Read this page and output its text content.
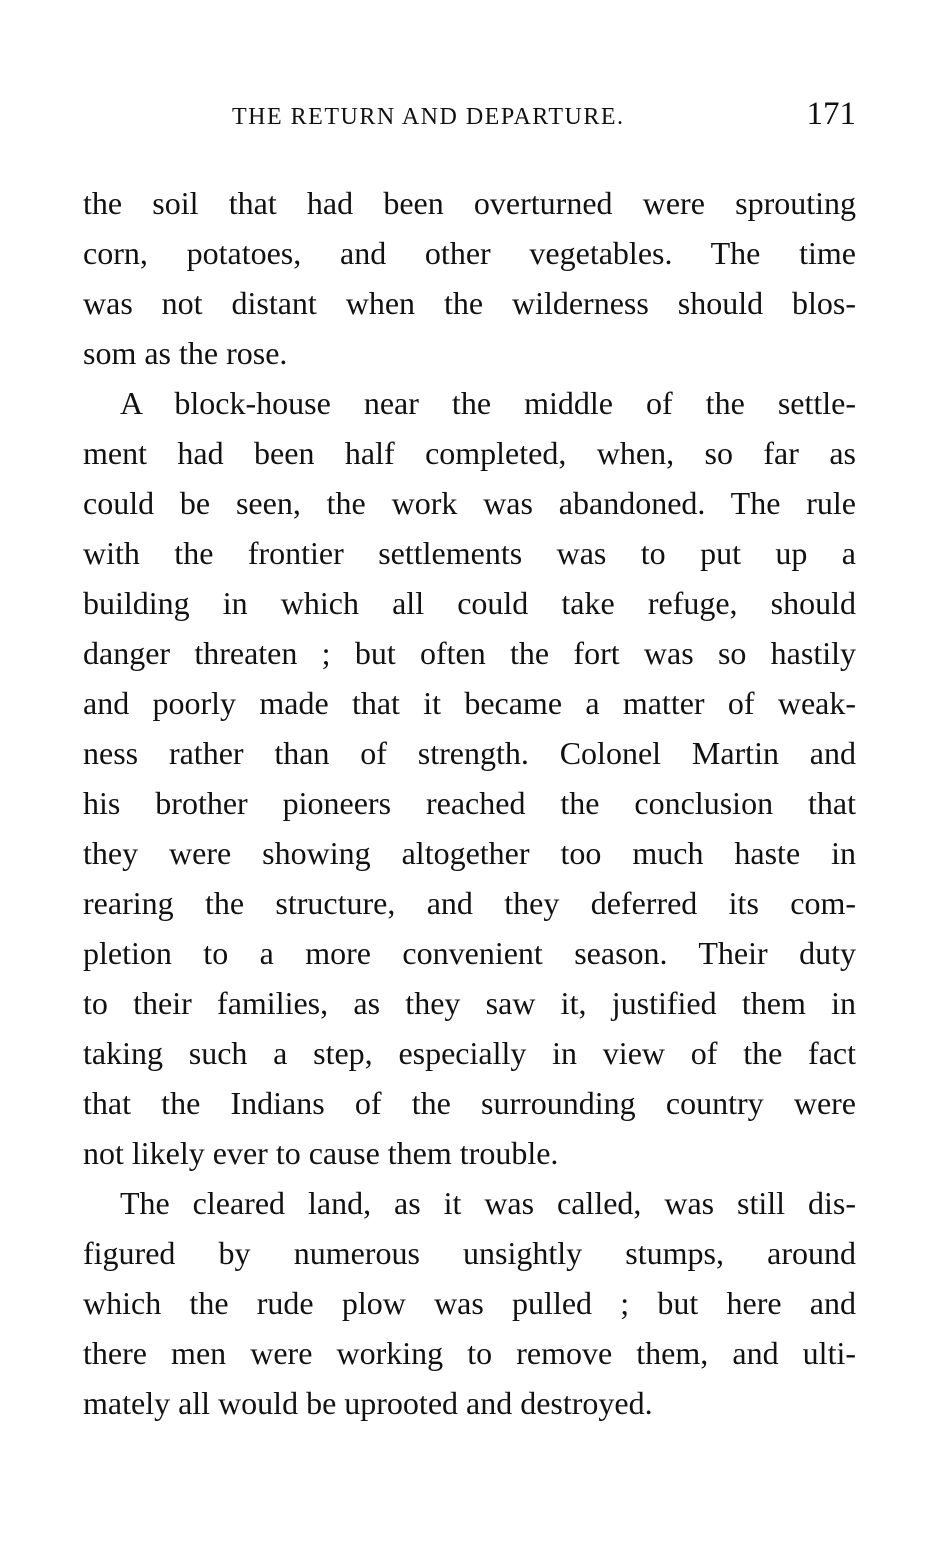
THE RETURN AND DEPARTURE.	171
the soil that had been overturned were sprouting
corn, potatoes, and other vegetables. The time
was not distant when the wilderness should blos-
som as the rose.
A block-house near the middle of the settle-
ment had been half completed, when, so far as
could be seen, the work was abandoned. The rule
with the frontier settlements was to put up a
building in which all could take refuge, should
danger threaten ; but often the fort was so hastily
and poorly made that it became a matter of weak-
ness rather than of strength. Colonel Martin and
his brother pioneers reached the conclusion that
they were showing altogether too much haste in
rearing the structure, and they deferred its com-
pletion to a more convenient season. Their duty
to their families, as they saw it, justified them in
taking such a step, especially in view of the fact
that the Indians of the surrounding country were
not likely ever to cause them trouble.
The cleared land, as it was called, was still dis-
figured by numerous unsightly stumps, around
which the rude plow was pulled ; but here and
there men were working to remove them, and ulti-
mately all would be uprooted and destroyed.
